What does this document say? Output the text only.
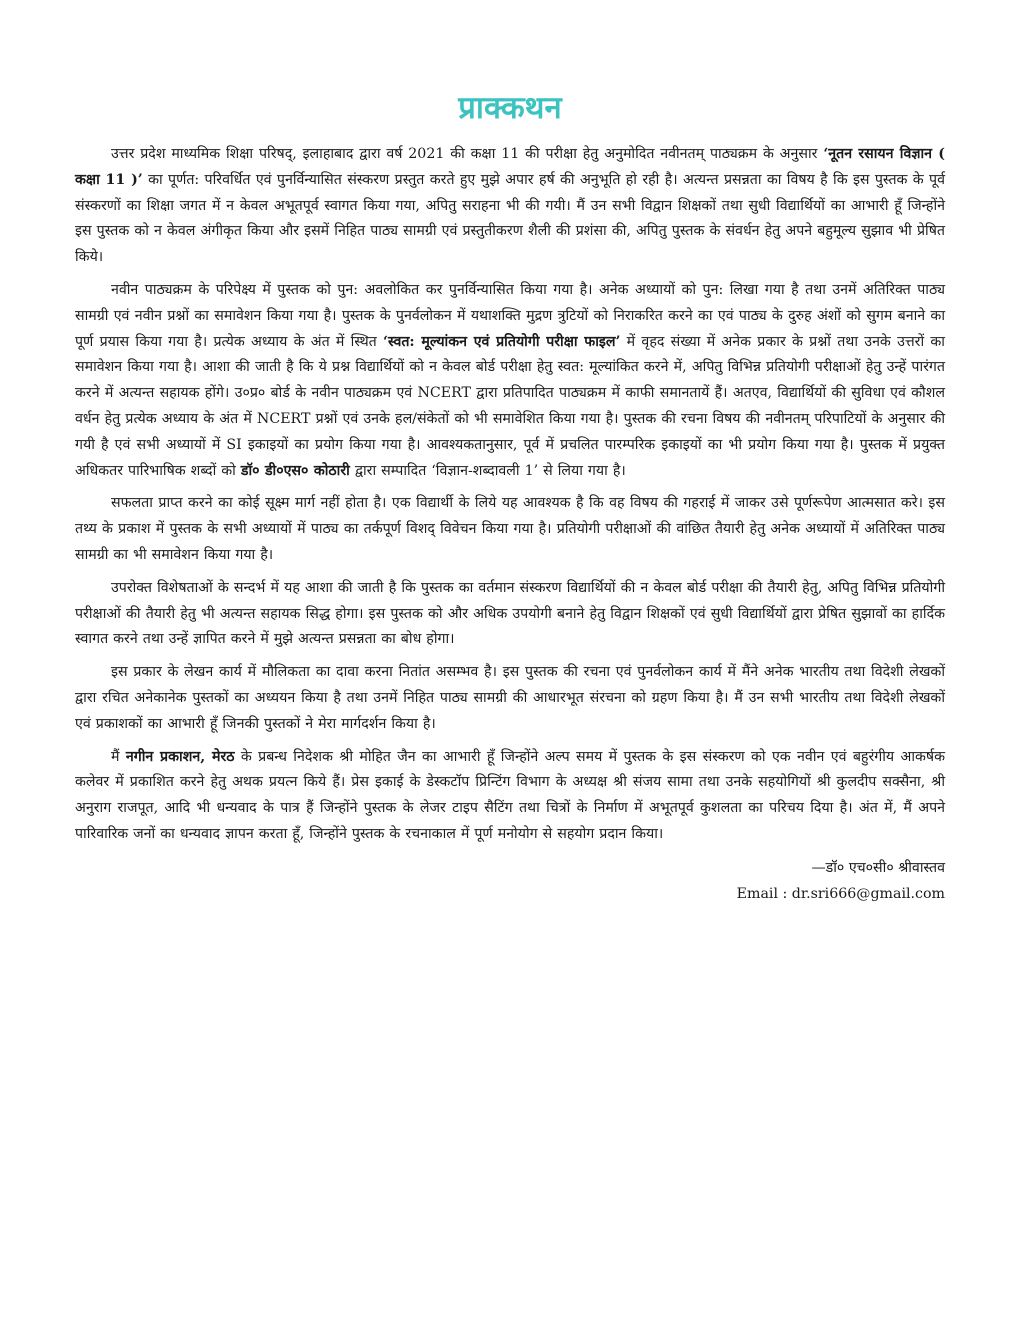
प्राक्कथन

उत्तर प्रदेश माध्यमिक शिक्षा परिषद्, इलाहाबाद द्वारा वर्ष 2021 की कक्षा 11 की परीक्षा हेतु अनुमोदित नवीनतम् पाठ्यक्रम के अनुसार ‘नूतन रसायन विज्ञान ( कक्षा 11 )’ का पूर्णत: परिवर्धित एवं पुनर्विन्यासित संस्करण प्रस्तुत करते हुए मुझे अपार हर्ष की अनुभूति हो रही है। अत्यन्त प्रसन्नता का विषय है कि इस पुस्तक के पूर्व संस्करणों का शिक्षा जगत में न केवल अभूतपूर्व स्वागत किया गया, अपितु सराहना भी की गयी। मैं उन सभी विद्वान शिक्षकों तथा सुधी विद्यार्थियों का आभारी हूँ जिन्होंने इस पुस्तक को न केवल अंगीकृत किया और इसमें निहित पाठ्य सामग्री एवं प्रस्तुतीकरण शैली की प्रशंसा की, अपितु पुस्तक के संवर्धन हेतु अपने बहुमूल्य सुझाव भी प्रेषित किये।

नवीन पाठ्यक्रम के परिपेक्ष्य में पुस्तक को पुन: अवलोकित कर पुनर्विन्यासित किया गया है। अनेक अध्यायों को पुन: लिखा गया है तथा उनमें अतिरिक्त पाठ्य सामग्री एवं नवीन प्रश्नों का समावेशन किया गया है। पुस्तक के पुनर्वलोकन में यथाशक्ति मुद्रण त्रुटियों को निराकरित करने का एवं पाठ्य के दुरुह अंशों को सुगम बनाने का पूर्ण प्रयास किया गया है। प्रत्येक अध्याय के अंत में स्थित ‘स्वत: मूल्यांकन एवं प्रतियोगी परीक्षा फाइल’ में वृहद संख्या में अनेक प्रकार के प्रश्नों तथा उनके उत्तरों का समावेशन किया गया है। आशा की जाती है कि ये प्रश्न विद्यार्थियों को न केवल बोर्ड परीक्षा हेतु स्वत: मूल्यांकित करने में, अपितु विभिन्न प्रतियोगी परीक्षाओं हेतु उन्हें पारंगत करने में अत्यन्त सहायक होंगे। उ०प्र० बोर्ड के नवीन पाठ्यक्रम एवं NCERT द्वारा प्रतिपादित पाठ्यक्रम में काफी समानतायें हैं। अतएव, विद्यार्थियों की सुविधा एवं कौशल वर्धन हेतु प्रत्येक अध्याय के अंत में NCERT प्रश्नों एवं उनके हल/संकेतों को भी समावेशित किया गया है। पुस्तक की रचना विषय की नवीनतम् परिपाटियों के अनुसार की गयी है एवं सभी अध्यायों में SI इकाइयों का प्रयोग किया गया है। आवश्यकतानुसार, पूर्व में प्रचलित पारम्परिक इकाइयों का भी प्रयोग किया गया है। पुस्तक में प्रयुक्त अधिकतर पारिभाषिक शब्दों को डॉ० डी०एस० कोठारी द्वारा सम्पादित ‘विज्ञान-शब्दावली 1’ से लिया गया है।

सफलता प्राप्त करने का कोई सूक्ष्म मार्ग नहीं होता है। एक विद्यार्थी के लिये यह आवश्यक है कि वह विषय की गहराई में जाकर उसे पूर्णरूपेण आत्मसात करे। इस तथ्य के प्रकाश में पुस्तक के सभी अध्यायों में पाठ्य का तर्कपूर्ण विशद् विवेचन किया गया है। प्रतियोगी परीक्षाओं की वांछित तैयारी हेतु अनेक अध्यायों में अतिरिक्त पाठ्य सामग्री का भी समावेशन किया गया है।

उपरोक्त विशेषताओं के सन्दर्भ में यह आशा की जाती है कि पुस्तक का वर्तमान संस्करण विद्यार्थियों की न केवल बोर्ड परीक्षा की तैयारी हेतु, अपितु विभिन्न प्रतियोगी परीक्षाओं की तैयारी हेतु भी अत्यन्त सहायक सिद्ध होगा। इस पुस्तक को और अधिक उपयोगी बनाने हेतु विद्वान शिक्षकों एवं सुधी विद्यार्थियों द्वारा प्रेषित सुझावों का हार्दिक स्वागत करने तथा उन्हें ज्ञापित करने में मुझे अत्यन्त प्रसन्नता का बोध होगा।

इस प्रकार के लेखन कार्य में मौलिकता का दावा करना नितांत असम्भव है। इस पुस्तक की रचना एवं पुनर्वलोकन कार्य में मैंने अनेक भारतीय तथा विदेशी लेखकों द्वारा रचित अनेकानेक पुस्तकों का अध्ययन किया है तथा उनमें निहित पाठ्य सामग्री की आधारभूत संरचना को ग्रहण किया है। मैं उन सभी भारतीय तथा विदेशी लेखकों एवं प्रकाशकों का आभारी हूँ जिनकी पुस्तकों ने मेरा मार्गदर्शन किया है।

मैं नगीन प्रकाशन, मेरठ के प्रबन्ध निदेशक श्री मोहित जैन का आभारी हूँ जिन्होंने अल्प समय में पुस्तक के इस संस्करण को एक नवीन एवं बहुरंगीय आकर्षक कलेवर में प्रकाशित करने हेतु अथक प्रयत्न किये हैं। प्रेस इकाई के डेस्कटॉप प्रिन्टिंग विभाग के अध्यक्ष श्री संजय सामा तथा उनके सहयोगियों श्री कुलदीप सक्सैना, श्री अनुराग राजपूत, आदि भी धन्यवाद के पात्र हैं जिन्होंने पुस्तक के लेजर टाइप सैटिंग तथा चित्रों के निर्माण में अभूतपूर्व कुशलता का परिचय दिया है। अंत में, मैं अपने पारिवारिक जनों का धन्यवाद ज्ञापन करता हूँ, जिन्होंने पुस्तक के रचनाकाल में पूर्ण मनोयोग से सहयोग प्रदान किया।

—डॉ० एच०सी० श्रीवास्तव
Email : dr.sri666@gmail.com
